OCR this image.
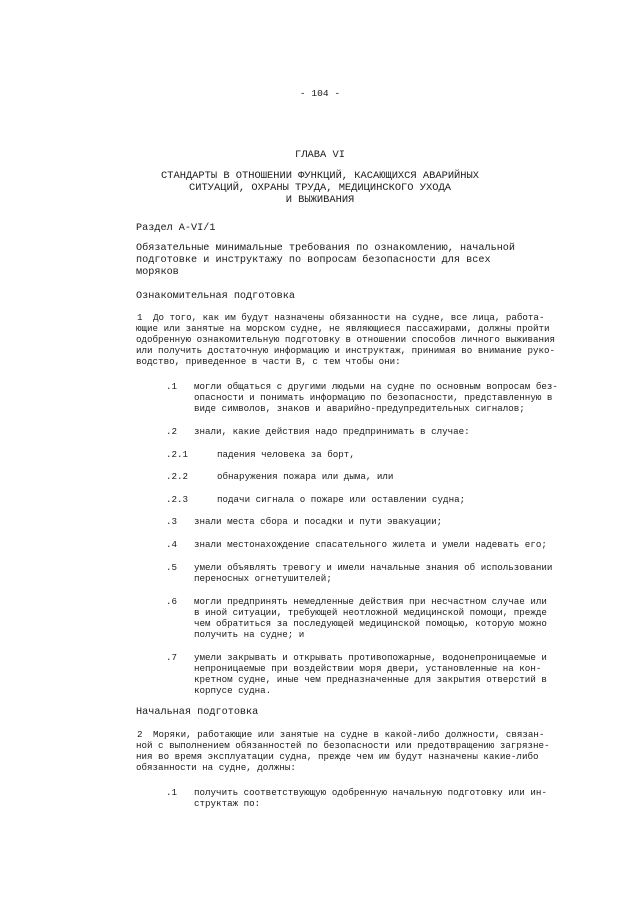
- 104 -
ГЛАВА VI
СТАНДАРТЫ В ОТНОШЕНИИ ФУНКЦИЙ, КАСАЮЩИХСЯ АВАРИЙНЫХ
СИТУАЦИЙ, ОХРАНЫ ТРУДА, МЕДИЦИНСКОГО УХОДА
И ВЫЖИВАНИЯ
Раздел A-VI/1
Обязательные минимальные требования по ознакомлению, начальной
подготовке и инструктажу по вопросам безопасности для всех
моряков
Ознакомительная подготовка
1 До того, как им будут назначены обязанности на судне, все лица, работа-
ющие или занятые на морском судне, не являющиеся пассажирами, должны пройти
одобренную ознакомительную подготовку в отношении способов личного выживания
или получить достаточную информацию и инструктаж, принимая во внимание руко-
водство, приведенное в части B, с тем чтобы они:
.1 могли общаться с другими людьми на судне по основным вопросам без-
опасности и понимать информацию по безопасности, представленную в
виде символов, знаков и аварийно-предупредительных сигналов;
.2 знали, какие действия надо предпринимать в случае:
.2.1	падения человека за борт,
.2.2	обнаружения пожара или дыма, или
.2.3	подачи сигнала о пожаре или оставлении судна;
.3 знали места сбора и посадки и пути эвакуации;
.4 знали местонахождение спасательного жилета и умели надевать его;
.5 умели объявлять тревогу и имели начальные знания об использовании
переносных огнетушителей;
.6 могли предпринять немедленные действия при несчастном случае или
в иной ситуации, требующей неотложной медицинской помощи, прежде
чем обратиться за последующей медицинской помощью, которую можно
получить на судне; и
.7 умели закрывать и открывать противопожарные, водонепроницаемые и
непроницаемые при воздействии моря двери, установленные на кон-
кретном судне, иные чем предназначенные для закрытия отверстий в
корпусе судна.
Начальная подготовка
2 Моряки, работающие или занятые на судне в какой-либо должности, связан-
ной с выполнением обязанностей по безопасности или предотвращению загрязне-
ния во время эксплуатации судна, прежде чем им будут назначены какие-либо
обязанности на судне, должны:
.1 получить соответствующую одобренную начальную подготовку или ин-
структаж по:
